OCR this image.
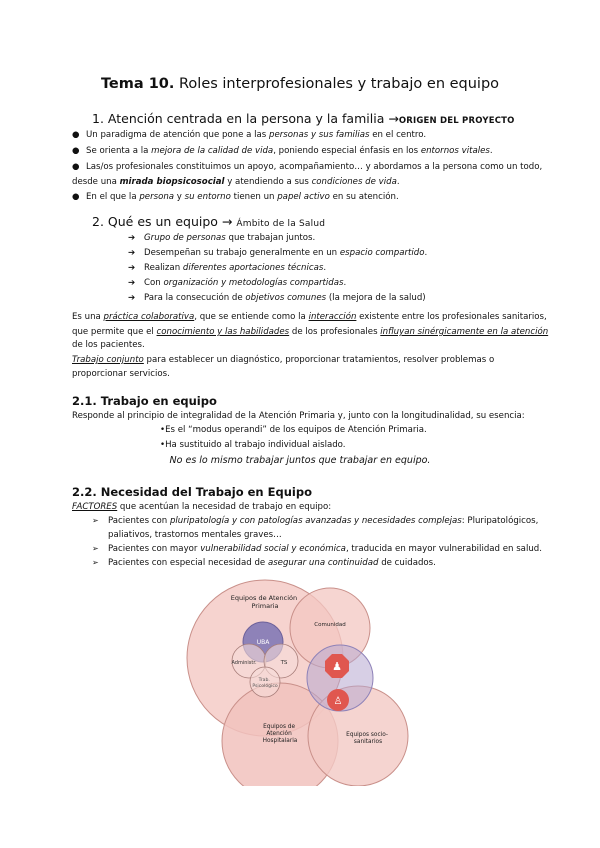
Tema 10. Roles interprofesionales y trabajo en equipo
1. Atención centrada en la persona y la familia →ORIGEN DEL PROYECTO
● Un paradigma de atención que pone a las personas y sus familias en el centro.
● Se orienta a la mejora de la calidad de vida, poniendo especial énfasis en los entornos vitales.
● Las/os profesionales constituimos un apoyo, acompañamiento… y abordamos a la persona como un todo,
desde una mirada biopsicosocial y atendiendo a sus condiciones de vida.
● En el que la persona y su entorno tienen un papel activo en su atención.
2. Qué es un equipo → Ámbito de la Salud
➔ Grupo de personas que trabajan juntos.
➔ Desempeñan su trabajo generalmente en un espacio compartido.
➔ Realizan diferentes aportaciones técnicas.
➔ Con organización y metodologías compartidas.
➔ Para la consecución de objetivos comunes (la mejora de la salud)
Es una práctica colaborativa, que se entiende como la interacción existente entre los profesionales sanitarios,
que permite que el conocimiento y las habilidades de los profesionales influyan sinérgicamente en la atención
de los pacientes.
Trabajo conjunto para establecer un diagnóstico, proporcionar tratamientos, resolver problemas o
proporcionar servicios.
2.1. Trabajo en equipo
Responde al principio de integralidad de la Atención Primaria y, junto con la longitudinalidad, su esencia:
•Es el “modus operandi” de los equipos de Atención Primaria.
•Ha sustituido al trabajo individual aislado.
No es lo mismo trabajar juntos que trabajar en equipo.
2.2. Necesidad del Trabajo en Equipo
FACTORES que acentúan la necesidad de trabajo en equipo:
➢ Pacientes con pluripatología y con patologías avanzadas y necesidades complejas: Pluripatológicos,
paliativos, trastornos mentales graves…
➢ Pacientes con mayor vulnerabilidad social y económica, traducida en mayor vulnerabilidad en salud.
➢ Pacientes con especial necesidad de asegurar una continuidad de cuidados.
♟
♙
Equipos de Atención Primaria
Comunidad
UBA
Administr.	TS
Trab. Psicológico
Equipos de Atención Hospitalaria
Equipos socio- sanitarios
